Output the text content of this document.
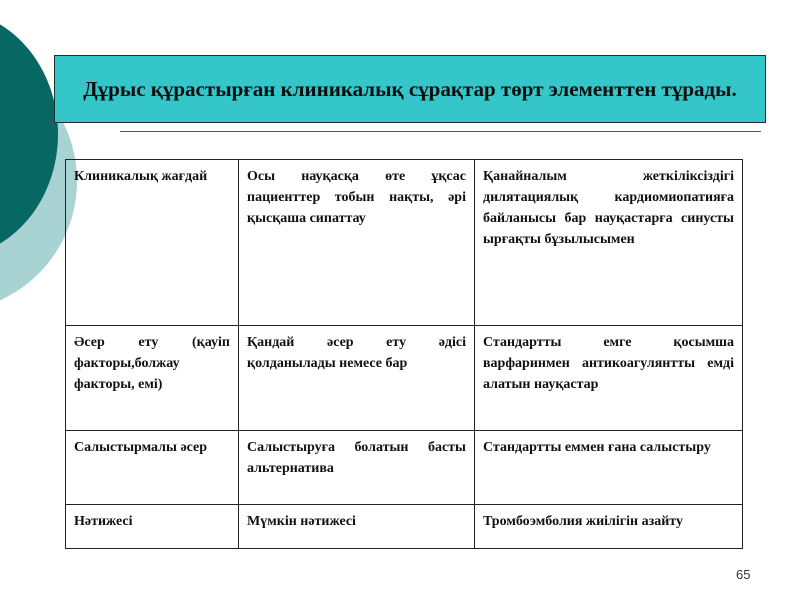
Дұрыс құрастырған клиникалық сұрақтар төрт элементтен тұрады.
Клиникалық жағдай	Осы науқасқа өте ұқсас пациенттер тобын нақты, әрі қысқаша сипаттау	Қанайналым жеткіліксіздігі дилятациялық кардиомиопатияға байланысы бар науқастарға синусты ырғақты бұзылысымен
Әсер ету (қауіп факторы,болжау факторы, емі)	Қандай әсер ету әдісі қолданылады немесе бар	Стандартты емге қосымша варфаринмен антикоагулянтты емді алатын науқастар
Салыстырмалы әсер	Салыстыруға болатын басты альтернатива	Стандартты еммен ғана салыстыру
Нәтижесі	Мүмкін нәтижесі	Тромбоэмболия жиілігін азайту
65
